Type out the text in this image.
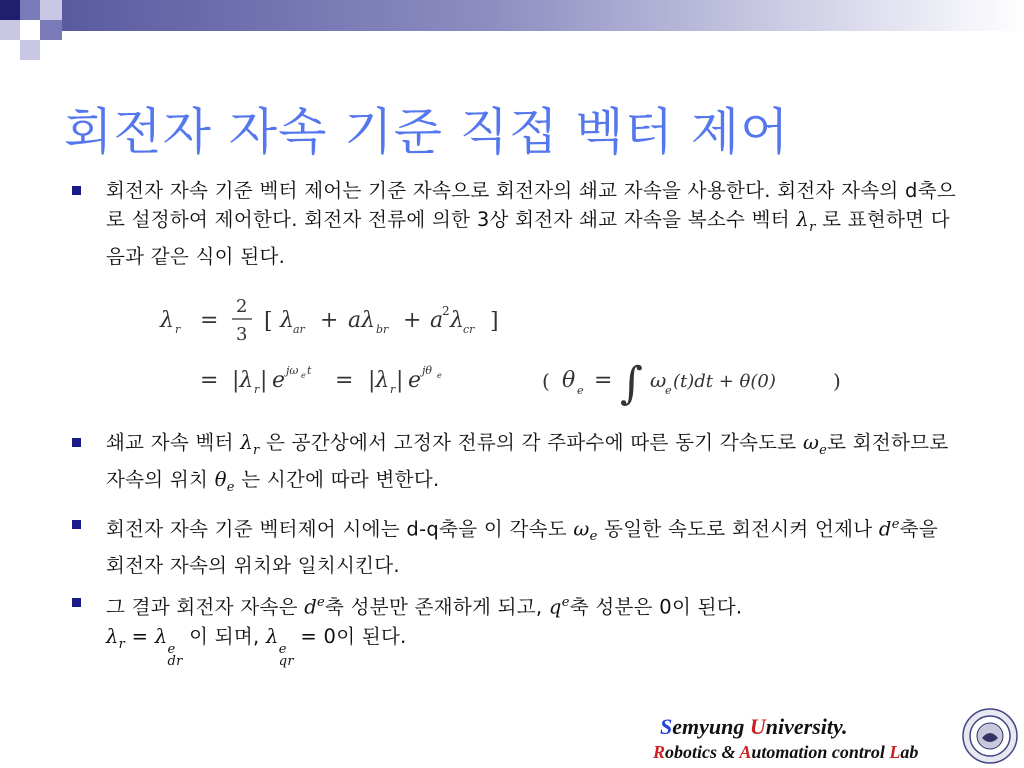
회전자 자속 기준 직접 벡터 제어
회전자 자속 기준 벡터 제어는 기준 자속으로 회전자의 쇄교 자속을 사용한다. 회전자 자속의 d축으로 설정하여 제어한다. 회전자 전류에 의한 3상 회전자 쇄교 자속을 복소수 벡터 $\lambda_r$ 로 표현하면 다음과 같은 식이 된다.
λ r =
2
3
[ λ ar + aλ br + a
2 λ cr ]
= |λ r | e jω e t = |λ r | e jθ e	( θ e = ∫ ω
e (t)dt + θ(0)	)
쇄교 자속 벡터 $\lambda_r$ 은 공간상에서 고정자 전류의 각 주파수에 따른 동기 각속도로 $\omega_e$로 회전하므로 자속의 위치 $\theta_e$ 는 시간에 따라 변한다.
회전자 자속 기준 벡터제어 시에는 d-q축을 이 각속도 $\omega_e$ 동일한 속도로 회전시켜 언제나 $d^e$축을 회전자 자속의 위치와 일치시킨다.
그 결과 회전자 자속은 $d^e$축 성분만 존재하게 되고, $q^e$축 성분은 0이 된다.
$\lambda_r = \lambda$
e
dr
이 되며, λ
e
qr
= 0이 된다.
Semyung University.
Robotics & Automation control Lab
